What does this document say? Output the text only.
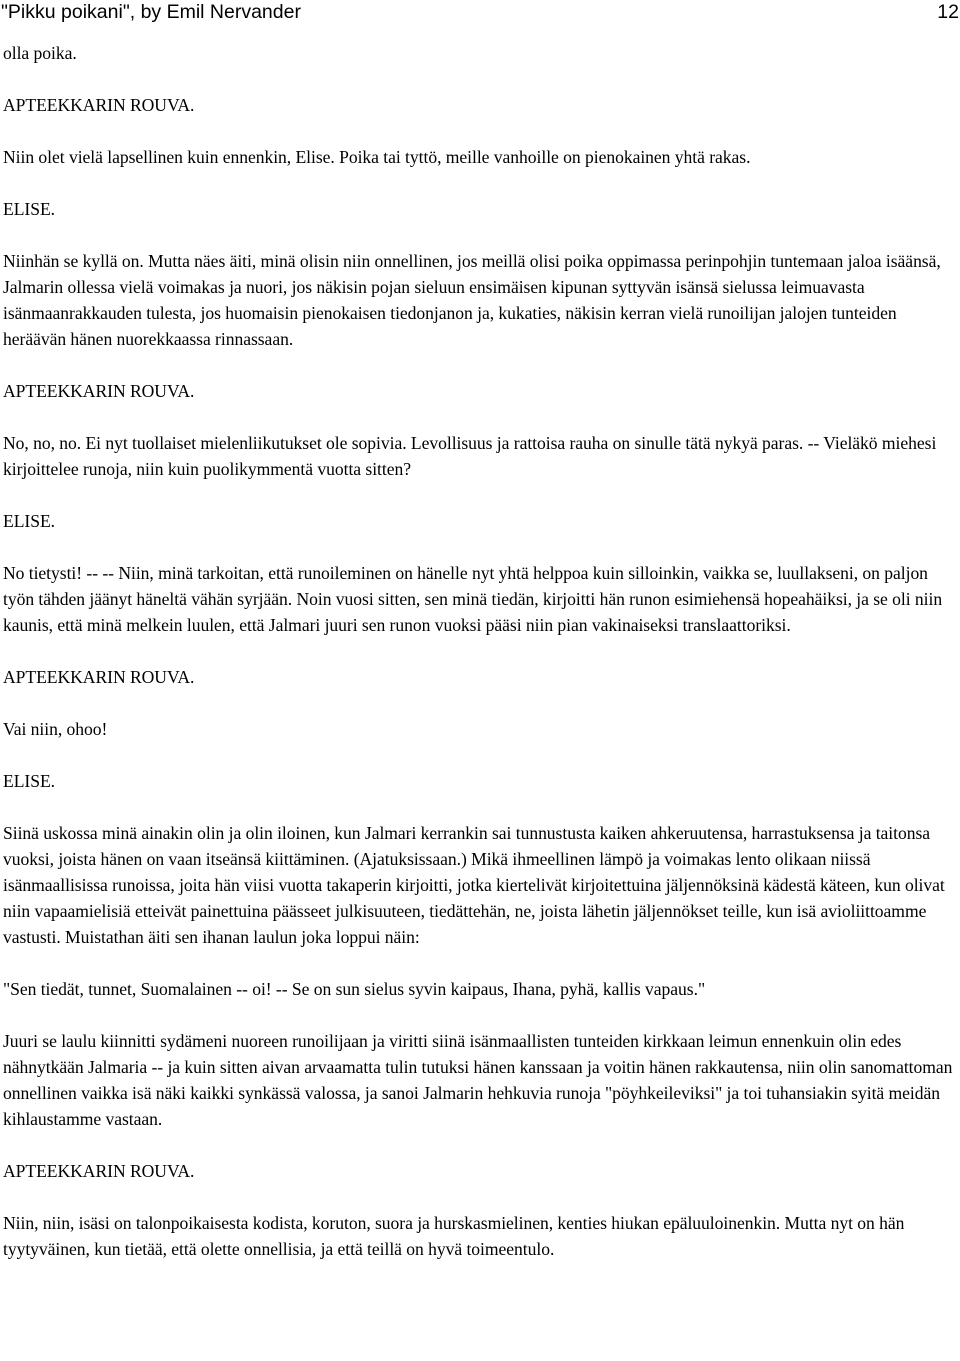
"Pikku poikani", by Emil Nervander	12

olla poika.

APTEEKKARIN ROUVA.

Niin olet vielä lapsellinen kuin ennenkin, Elise. Poika tai tyttö, meille vanhoille on pienokainen yhtä rakas.

ELISE.

Niinhän se kyllä on. Mutta näes äiti, minä olisin niin onnellinen, jos meillä olisi poika oppimassa perinpohjin tuntemaan jaloa isäänsä, Jalmarin ollessa vielä voimakas ja nuori, jos näkisin pojan sieluun ensimäisen kipunan syttyvän isänsä sielussa leimuavasta isänmaanrakkauden tulesta, jos huomaisin pienokaisen tiedonjanon ja, kukaties, näkisin kerran vielä runoilijan jalojen tunteiden heräävän hänen nuorekkaassa rinnassaan.

APTEEKKARIN ROUVA.

No, no, no. Ei nyt tuollaiset mielenliikutukset ole sopivia. Levollisuus ja rattoisa rauha on sinulle tätä nykyä paras. -- Vieläkö miehesi kirjoittelee runoja, niin kuin puolikymmentä vuotta sitten?

ELISE.

No tietysti! -- -- Niin, minä tarkoitan, että runoileminen on hänelle nyt yhtä helppoa kuin silloinkin, vaikka se, luullakseni, on paljon työn tähden jäänyt häneltä vähän syrjään. Noin vuosi sitten, sen minä tiedän, kirjoitti hän runon esimiehensä hopeahäiksi, ja se oli niin kaunis, että minä melkein luulen, että Jalmari juuri sen runon vuoksi pääsi niin pian vakinaiseksi translaattoriksi.

APTEEKKARIN ROUVA.

Vai niin, ohoo!

ELISE.

Siinä uskossa minä ainakin olin ja olin iloinen, kun Jalmari kerrankin sai tunnustusta kaiken ahkeruutensa, harrastuksensa ja taitonsa vuoksi, joista hänen on vaan itseänsä kiittäminen. (Ajatuksissaan.) Mikä ihmeellinen lämpö ja voimakas lento olikaan niissä isänmaallisissa runoissa, joita hän viisi vuotta takaperin kirjoitti, jotka kiertelivät kirjoitettuina jäljennöksinä kädestä käteen, kun olivat niin vapaamielisiä etteivät painettuina päässeet julkisuuteen, tiedättehän, ne, joista lähetin jäljennökset teille, kun isä avioliittoamme vastusti. Muistathan äiti sen ihanan laulun joka loppui näin:

"Sen tiedät, tunnet, Suomalainen -- oi! -- Se on sun sielus syvin kaipaus, Ihana, pyhä, kallis vapaus."

Juuri se laulu kiinnitti sydämeni nuoreen runoilijaan ja viritti siinä isänmaallisten tunteiden kirkkaan leimun ennenkuin olin edes nähnytkään Jalmaria -- ja kuin sitten aivan arvaamatta tulin tutuksi hänen kanssaan ja voitin hänen rakkautensa, niin olin sanomattoman onnellinen vaikka isä näki kaikki synkässä valossa, ja sanoi Jalmarin hehkuvia runoja "pöyhkeileviksi" ja toi tuhansiakin syitä meidän kihlaustamme vastaan.

APTEEKKARIN ROUVA.

Niin, niin, isäsi on talonpoikaisesta kodista, koruton, suora ja hurskasmielinen, kenties hiukan epäluuloinenkin. Mutta nyt on hän tyytyväinen, kun tietää, että olette onnellisia, ja että teillä on hyvä toimeentulo.
